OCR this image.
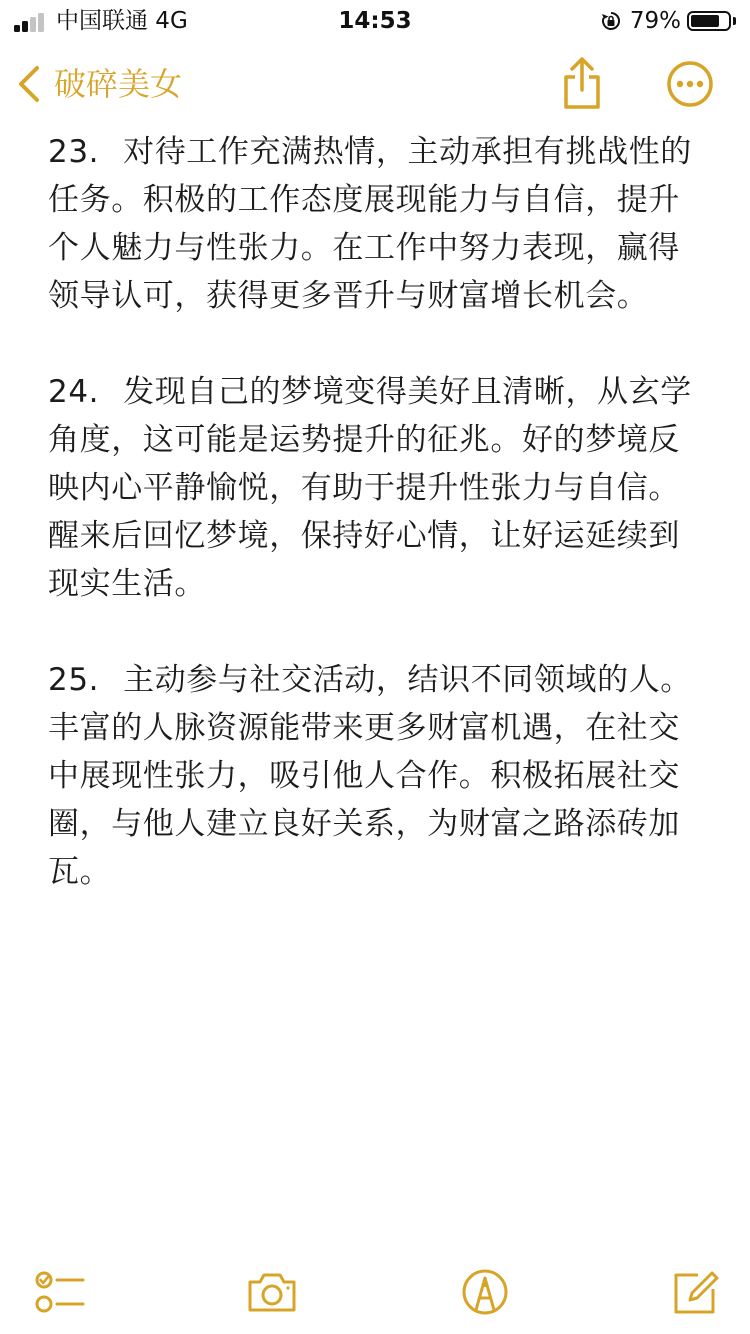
中国联通 4G	14:53	79%
破碎美女

23. 对待工作充满热情，主动承担有挑战性的任务。积极的工作态度展现能力与自信，提升个人魅力与性张力。在工作中努力表现，赢得领导认可，获得更多晋升与财富增长机会。

24. 发现自己的梦境变得美好且清晰，从玄学角度，这可能是运势提升的征兆。好的梦境反映内心平静愉悦，有助于提升性张力与自信。醒来后回忆梦境，保持好心情，让好运延续到现实生活。

25. 主动参与社交活动，结识不同领域的人。丰富的人脉资源能带来更多财富机遇，在社交中展现性张力，吸引他人合作。积极拓展社交圈，与他人建立良好关系，为财富之路添砖加瓦。
